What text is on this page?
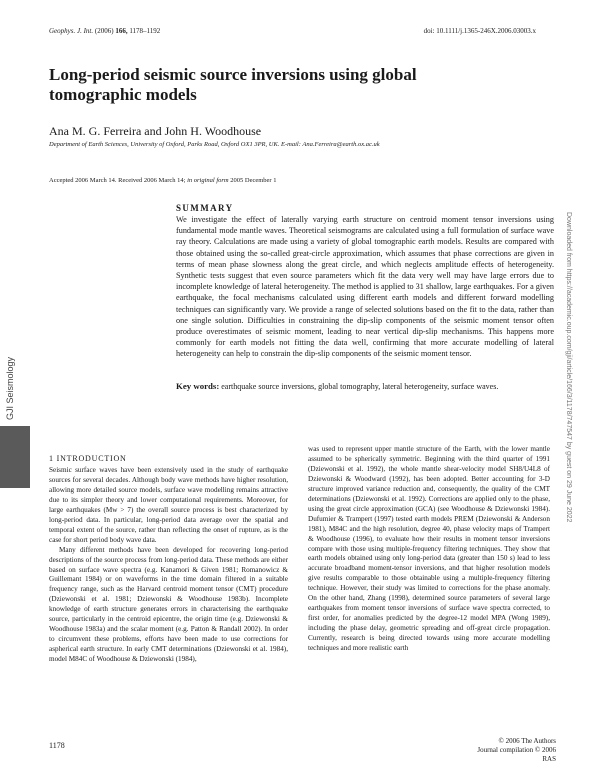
Geophys. J. Int. (2006) 166, 1178–1192	doi: 10.1111/j.1365-246X.2006.03003.x
Long-period seismic source inversions using global tomographic models
Ana M. G. Ferreira and John H. Woodhouse
Department of Earth Sciences, University of Oxford, Parks Road, Oxford OX1 3PR, UK. E-mail: Ana.Ferreira@earth.ox.ac.uk
Accepted 2006 March 14. Received 2006 March 14; in original form 2005 December 1
SUMMARY
We investigate the effect of laterally varying earth structure on centroid moment tensor inversions using fundamental mode mantle waves. Theoretical seismograms are calculated using a full formulation of surface wave ray theory. Calculations are made using a variety of global tomographic earth models. Results are compared with those obtained using the so-called great-circle approximation, which assumes that phase corrections are given in terms of mean phase slowness along the great circle, and which neglects amplitude effects of heterogeneity. Synthetic tests suggest that even source parameters which fit the data very well may have large errors due to incomplete knowledge of lateral heterogeneity. The method is applied to 31 shallow, large earthquakes. For a given earthquake, the focal mechanisms calculated using different earth models and different forward modelling techniques can significantly vary. We provide a range of selected solutions based on the fit to the data, rather than one single solution. Difficulties in constraining the dip-slip components of the seismic moment tensor often produce overestimates of seismic moment, leading to near vertical dip-slip mechanisms. This happens more commonly for earth models not fitting the data well, confirming that more accurate modelling of lateral heterogeneity can help to constrain the dip-slip components of the seismic moment tensor.
Key words: earthquake source inversions, global tomography, lateral heterogeneity, surface waves.
GJI Seismology	Downloaded from https://academic.oup.com/gji/article/166/3/1178/747547 by guest on 29 June 2022
1 INTRODUCTION

Seismic surface waves have been extensively used in the study of earthquake sources for several decades. Although body wave methods have higher resolution, allowing more detailed source models, surface wave modelling remains attractive due to its simpler theory and lower computational requirements. Moreover, for large earthquakes (Mw > 7) the overall source process is best characterized by long-period data. In particular, long-period data average over the spatial and temporal extent of the source, rather than reflecting the onset of rupture, as is the case for short period body wave data.

Many different methods have been developed for recovering long-period descriptions of the source process from long-period data. These methods are either based on surface wave spectra (e.g. Kanamori & Given 1981; Romanowicz & Guillemant 1984) or on waveforms in the time domain filtered in a suitable frequency range, such as the Harvard centroid moment tensor (CMT) procedure (Dziewonski et al. 1981; Dziewonski & Woodhouse 1983b). Incomplete knowledge of earth structure generates errors in characterising the earthquake source, particularly in the centroid epicentre, the origin time (e.g. Dziewonski & Woodhouse 1983a) and the scalar moment (e.g. Patton & Randall 2002). In order to circumvent these problems, efforts have been made to use corrections for aspherical earth structure. In early CMT determinations (Dziewonski et al. 1984), model M84C of Woodhouse & Dziewonski (1984),

was used to represent upper mantle structure of the Earth, with the lower mantle assumed to be spherically symmetric. Beginning with the third quarter of 1991 (Dziewonski et al. 1992), the whole mantle shear-velocity model SH8/U4L8 of Dziewonski & Woodward (1992), has been adopted. Better accounting for 3-D structure improved variance reduction and, consequently, the quality of the CMT determinations (Dziewonski et al. 1992). Corrections are applied only to the phase, using the great circle approximation (GCA) (see Woodhouse & Dziewonski 1984). Dufumier & Trampert (1997) tested earth models PREM (Dziewonski & Anderson 1981), M84C and the high resolution, degree 40, phase velocity maps of Trampert & Woodhouse (1996), to evaluate how their results in moment tensor inversions compare with those using multiple-frequency filtering techniques. They show that earth models obtained using only long-period data (greater than 150 s) lead to less accurate broadband moment-tensor inversions, and that higher resolution models give results comparable to those obtainable using a multiple-frequency filtering technique. However, their study was limited to corrections for the phase anomaly. On the other hand, Zhang (1998), determined source parameters of several large earthquakes from moment tensor inversions of surface wave spectra corrected, to first order, for anomalies predicted by the degree-12 model MPA (Wong 1989), including the phase delay, geometric spreading and off-great circle propagation. Currently, research is being directed towards using more accurate modelling techniques and more realistic earth

1178	© 2006 The Authors
Journal compilation © 2006 RAS
